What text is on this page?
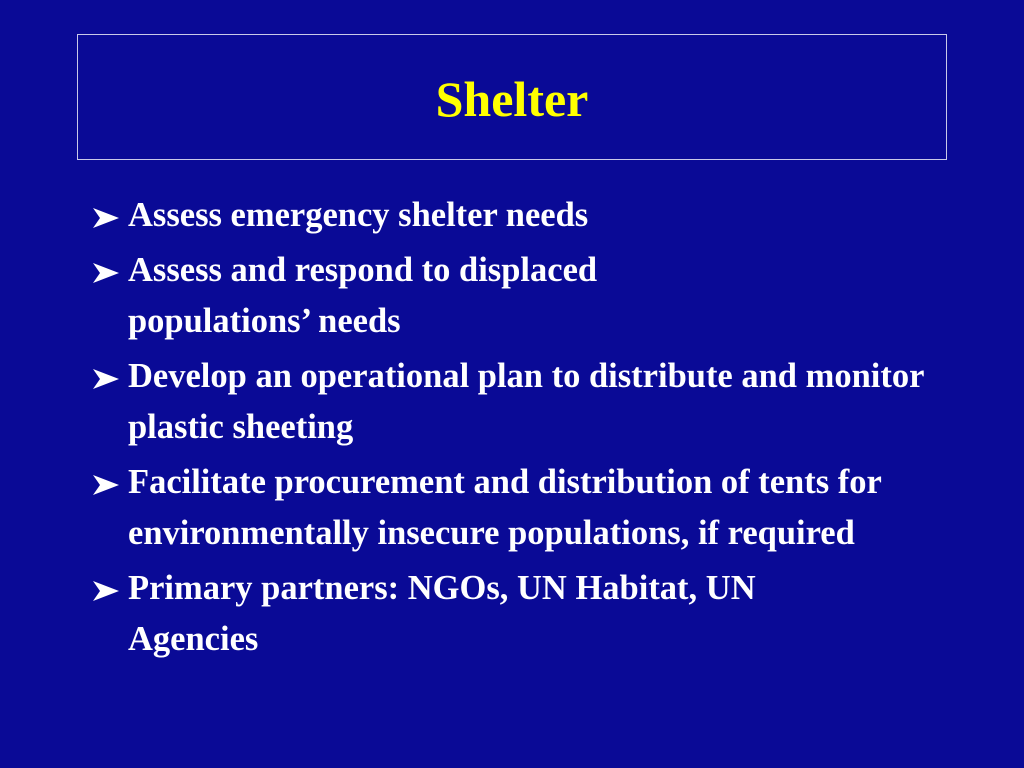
Shelter
Assess emergency shelter needs
Assess and respond to displaced populations’ needs
Develop an operational plan to distribute and monitor plastic sheeting
Facilitate procurement and distribution of tents for environmentally insecure populations, if required
Primary partners: NGOs, UN Habitat, UN Agencies
